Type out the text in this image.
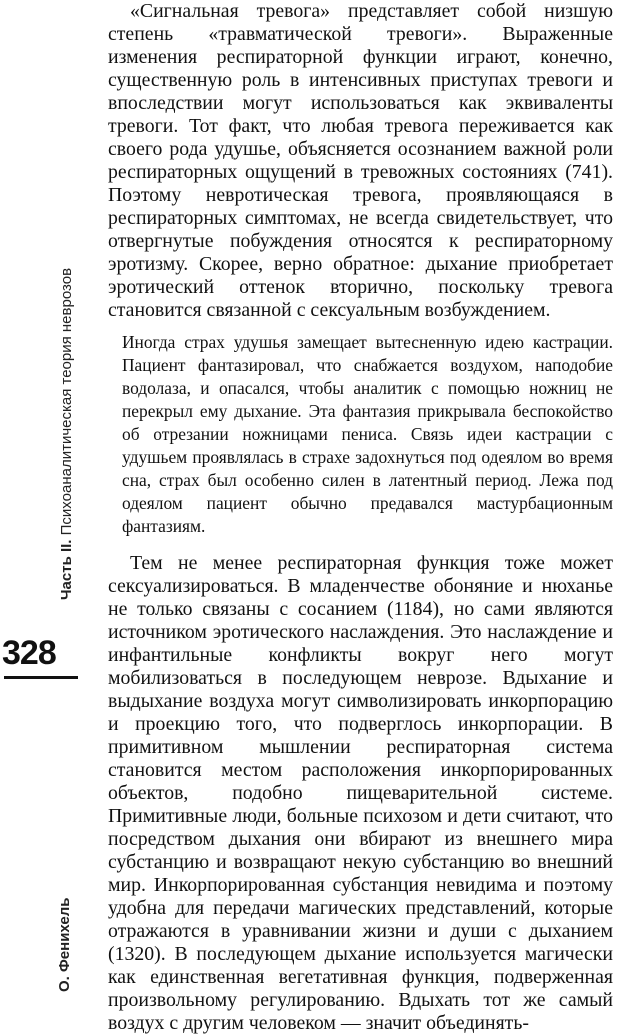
Часть II. Психоаналитическая теория неврозов
328
О. Фенихель

«Сигнальная тревога» представляет собой низшую степень «травматической тревоги». Выраженные изменения респираторной функции играют, конечно, существенную роль в интенсивных приступах тревоги и впоследствии могут использоваться как эквиваленты тревоги. Тот факт, что любая тревога переживается как своего рода удушье, объясняется осознанием важной роли респираторных ощущений в тревожных состояниях (741). Поэтому невротическая тревога, проявляющаяся в респираторных симптомах, не всегда свидетельствует, что отвергнутые побуждения относятся к респираторному эротизму. Скорее, верно обратное: дыхание приобретает эротический оттенок вторично, поскольку тревога становится связанной с сексуальным возбуждением.

Иногда страх удушья замещает вытесненную идею кастрации. Пациент фантазировал, что снабжается воздухом, наподобие водолаза, и опасался, чтобы аналитик с помощью ножниц не перекрыл ему дыхание. Эта фантазия прикрывала беспокойство об отрезании ножницами пениса. Связь идеи кастрации с удушьем проявлялась в страхе задохнуться под одеялом во время сна, страх был особенно силен в латентный период. Лежа под одеялом пациент обычно предавался мастурбационным фантазиям.

Тем не менее респираторная функция тоже может сексуализироваться. В младенчестве обоняние и нюханье не только связаны с сосанием (1184), но сами являются источником эротического наслаждения. Это наслаждение и инфантильные конфликты вокруг него могут мобилизоваться в последующем неврозе. Вдыхание и выдыхание воздуха могут символизировать инкорпорацию и проекцию того, что подверглось инкорпорации. В примитивном мышлении респираторная система становится местом расположения инкорпорированных объектов, подобно пищеварительной системе. Примитивные люди, больные психозом и дети считают, что посредством дыхания они вбирают из внешнего мира субстанцию и возвращают некую субстанцию во внешний мир. Инкорпорированная субстанция невидима и поэтому удобна для передачи магических представлений, которые отражаются в уравнивании жизни и души с дыханием (1320). В последующем дыхание используется магически как единственная вегетативная функция, подверженная произвольному регулированию. Вдыхать тот же самый воздух с другим человеком — значит объединять-
